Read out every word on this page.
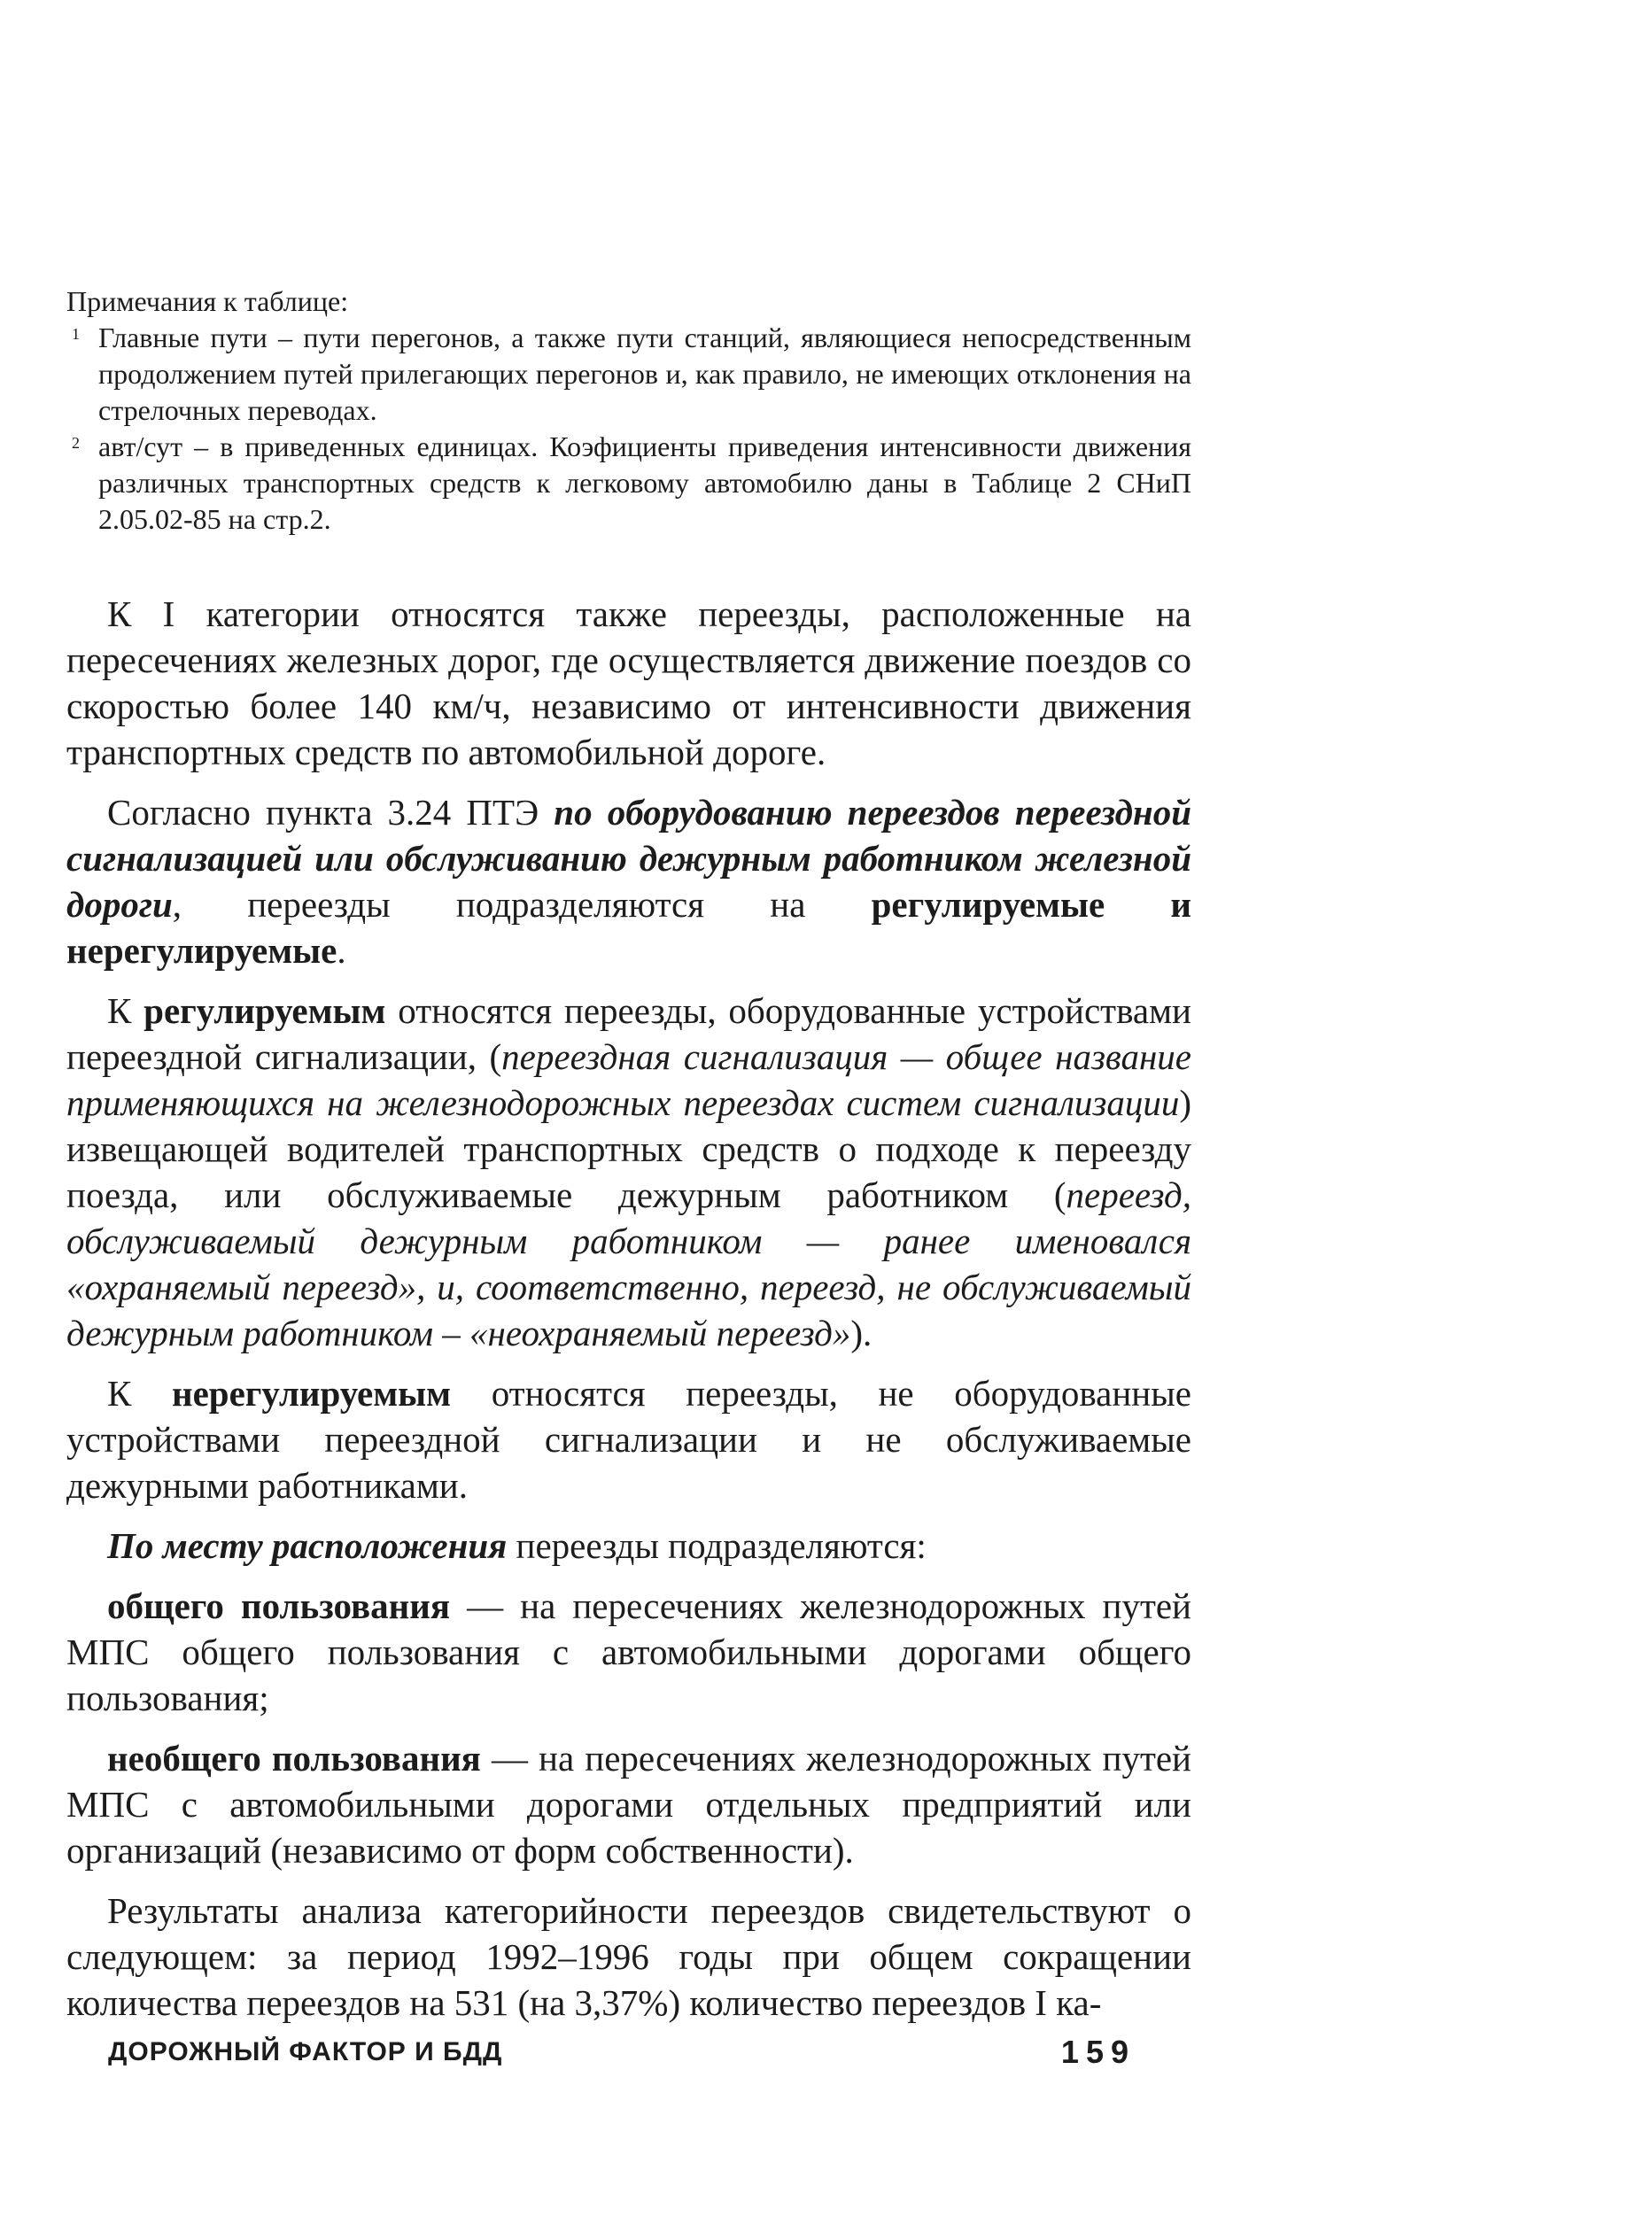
Примечания к таблице:

1 Главные пути – пути перегонов, а также пути станций, являющиеся непосредственным продолжением путей прилегающих перегонов и, как правило, не имеющих отклонения на стрелочных переводах.

2 авт/сут – в приведенных единицах. Коэфициенты приведения интенсивности движения различных транспортных средств к легковому автомобилю даны в Таблице 2 СНиП 2.05.02-85 на стр.2.

К I категории относятся также переезды, расположенные на пересечениях железных дорог, где осуществляется движение поездов со скоростью более 140 км/ч, независимо от интенсивности движения транспортных средств по автомобильной дороге.

Согласно пункта 3.24 ПТЭ по оборудованию переездов переездной сигнализацией или обслуживанию дежурным работником железной дороги, переезды подразделяются на регулируемые и нерегулируемые.

К регулируемым относятся переезды, оборудованные устройствами переездной сигнализации, (переездная сигнализация — общее название применяющихся на железнодорожных переездах систем сигнализации) извещающей водителей транспортных средств о подходе к переезду поезда, или обслуживаемые дежурным работником (переезд, обслуживаемый дежурным работником — ранее именовался «охраняемый переезд», и, соответственно, переезд, не обслуживаемый дежурным работником – «неохраняемый переезд»).

К нерегулируемым относятся переезды, не оборудованные устройствами переездной сигнализации и не обслуживаемые дежурными работниками.

По месту расположения переезды подразделяются:

общего пользования — на пересечениях железнодорожных путей МПС общего пользования с автомобильными дорогами общего пользования;

необщего пользования — на пересечениях железнодорожных путей МПС с автомобильными дорогами отдельных предприятий или организаций (независимо от форм собственности).

Результаты анализа категорийности переездов свидетельствуют о следующем: за период 1992–1996 годы при общем сокращении количества переездов на 531 (на 3,37%) количество переездов I ка-

ДОРОЖНЫЙ ФАКТОР И БДД	159
